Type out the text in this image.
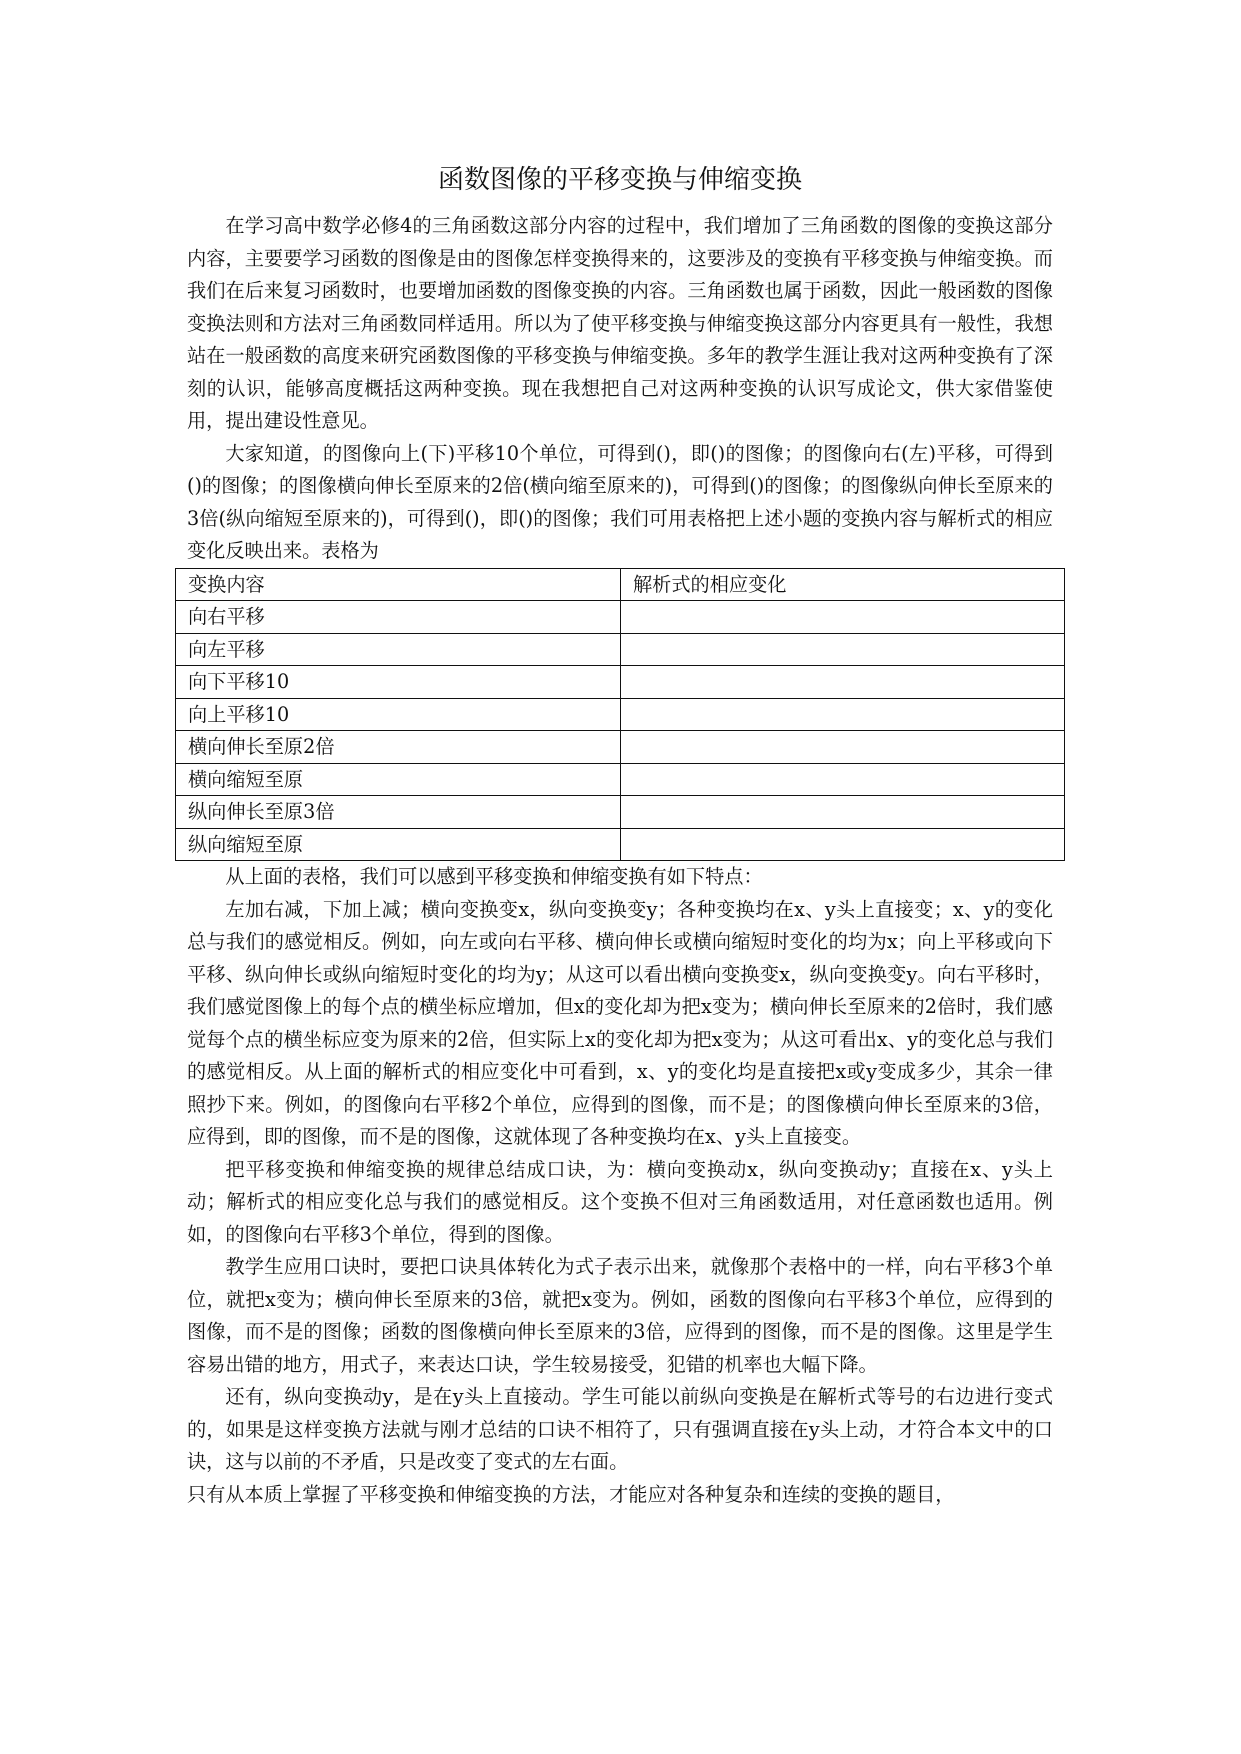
函数图像的平移变换与伸缩变换

在学习高中数学必修4的三角函数这部分内容的过程中，我们增加了三角函数的图像的变换这部分内容，主要要学习函数的图像是由的图像怎样变换得来的，这要涉及的变换有平移变换与伸缩变换。而我们在后来复习函数时，也要增加函数的图像变换的内容。三角函数也属于函数，因此一般函数的图像变换法则和方法对三角函数同样适用。所以为了使平移变换与伸缩变换这部分内容更具有一般性，我想站在一般函数的高度来研究函数图像的平移变换与伸缩变换。多年的教学生涯让我对这两种变换有了深刻的认识，能够高度概括这两种变换。现在我想把自己对这两种变换的认识写成论文，供大家借鉴使用，提出建设性意见。

大家知道，的图像向上(下)平移10个单位，可得到()，即()的图像；的图像向右(左)平移，可得到()的图像；的图像横向伸长至原来的2倍(横向缩至原来的)，可得到()的图像；的图像纵向伸长至原来的3倍(纵向缩短至原来的)，可得到()，即()的图像；我们可用表格把上述小题的变换内容与解析式的相应变化反映出来。表格为

变换内容	解析式的相应变化
向右平移	
向左平移	
向下平移10	
向上平移10	
横向伸长至原2倍	
横向缩短至原	
纵向伸长至原3倍	
纵向缩短至原	

从上面的表格，我们可以感到平移变换和伸缩变换有如下特点：

左加右减，下加上减；横向变换变x，纵向变换变y；各种变换均在x、y头上直接变；x、y的变化总与我们的感觉相反。例如，向左或向右平移、横向伸长或横向缩短时变化的均为x；向上平移或向下平移、纵向伸长或纵向缩短时变化的均为y；从这可以看出横向变换变x，纵向变换变y。向右平移时，我们感觉图像上的每个点的横坐标应增加，但x的变化却为把x变为；横向伸长至原来的2倍时，我们感觉每个点的横坐标应变为原来的2倍，但实际上x的变化却为把x变为；从这可看出x、y的变化总与我们的感觉相反。从上面的解析式的相应变化中可看到，x、y的变化均是直接把x或y变成多少，其余一律照抄下来。例如，的图像向右平移2个单位，应得到的图像，而不是；的图像横向伸长至原来的3倍，应得到，即的图像，而不是的图像，这就体现了各种变换均在x、y头上直接变。

把平移变换和伸缩变换的规律总结成口诀，为：横向变换动x，纵向变换动y；直接在x、y头上动；解析式的相应变化总与我们的感觉相反。这个变换不但对三角函数适用，对任意函数也适用。例如，的图像向右平移3个单位，得到的图像。

教学生应用口诀时，要把口诀具体转化为式子表示出来，就像那个表格中的一样，向右平移3个单位，就把x变为；横向伸长至原来的3倍，就把x变为。例如，函数的图像向右平移3个单位，应得到的图像，而不是的图像；函数的图像横向伸长至原来的3倍，应得到的图像，而不是的图像。这里是学生容易出错的地方，用式子，来表达口诀，学生较易接受，犯错的机率也大幅下降。

还有，纵向变换动y，是在y头上直接动。学生可能以前纵向变换是在解析式等号的右边进行变式的，如果是这样变换方法就与刚才总结的口诀不相符了，只有强调直接在y头上动，才符合本文中的口诀，这与以前的不矛盾，只是改变了变式的左右面。

只有从本质上掌握了平移变换和伸缩变换的方法，才能应对各种复杂和连续的变换的题目，
